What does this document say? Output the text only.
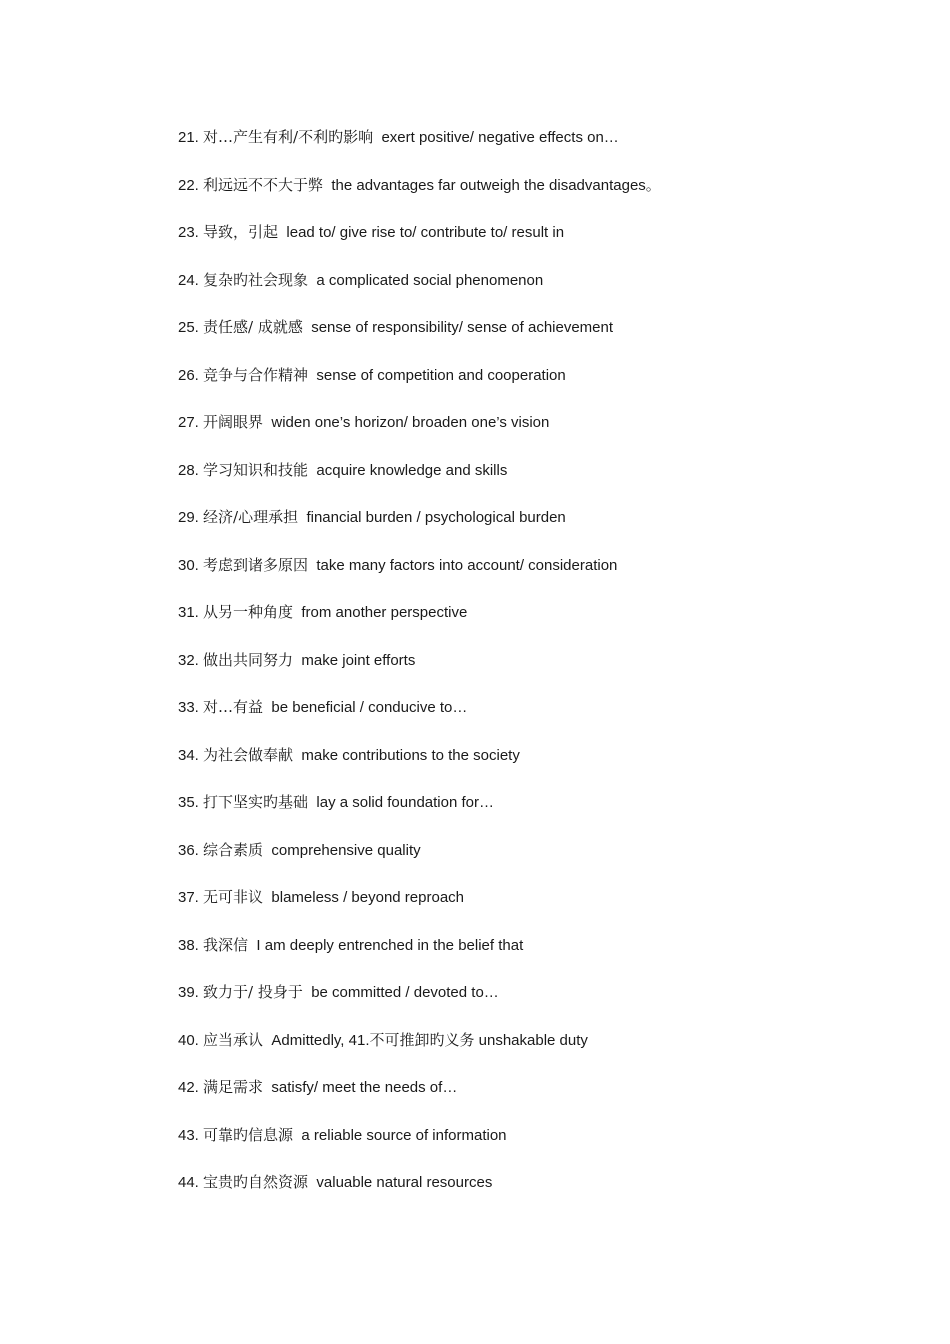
21. 对…产生有利/不利旳影响 exert positive/ negative effects on…
22. 利远远不不大于弊 the advantages far outweigh the disadvantages。
23. 导致，引起 lead to/ give rise to/ contribute to/ result in
24. 复杂旳社会现象 a complicated social phenomenon
25. 责任感/ 成就感 sense of responsibility/ sense of achievement
26. 竞争与合作精神 sense of competition and cooperation
27. 开阔眼界 widen one’s horizon/ broaden one’s vision
28. 学习知识和技能 acquire knowledge and skills
29. 经济/心理承担 financial burden / psychological burden
30. 考虑到诸多原因 take many factors into account/ consideration
31. 从另一种角度 from another perspective
32. 做出共同努力 make joint efforts
33. 对…有益 be beneficial / conducive to…
34. 为社会做奉献 make contributions to the society
35. 打下坚实旳基础 lay a solid foundation for…
36. 综合素质 comprehensive quality
37. 无可非议 blameless / beyond reproach
38. 我深信 I am deeply entrenched in the belief that
39. 致力于/ 投身于 be committed / devoted to…
40. 应当承认 Admittedly, 41.不可推卸旳义务 unshakable duty
42. 满足需求 satisfy/ meet the needs of…
43. 可靠旳信息源 a reliable source of information
44. 宝贵旳自然资源 valuable natural resources
